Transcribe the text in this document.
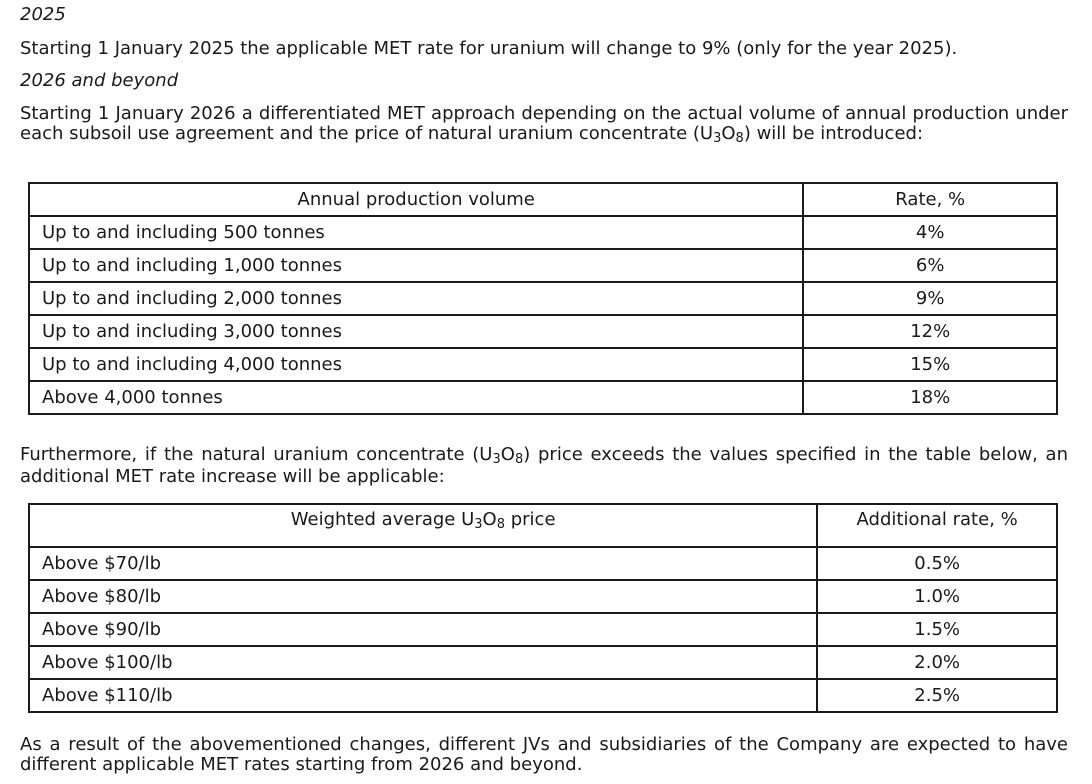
2025
Starting 1 January 2025 the applicable MET rate for uranium will change to 9% (only for the year 2025).
2026 and beyond
Starting 1 January 2026 a differentiated MET approach depending on the actual volume of annual production under each subsoil use agreement and the price of natural uranium concentrate $(U_3O_8)$ will be introduced:
Annual production volume	Rate, %
Up to and including 500 tonnes	4%
Up to and including 1,000 tonnes	6%
Up to and including 2,000 tonnes	9%
Up to and including 3,000 tonnes	12%
Up to and including 4,000 tonnes	15%
Above 4,000 tonnes	18%
Furthermore, if the natural uranium concentrate $(U_3O_8)$ price exceeds the values specified in the table below, an additional MET rate increase will be applicable:
Weighted average $U_3O_8$ price	Additional rate, %
Above $70/lb	0.5%
Above $80/lb	1.0%
Above $90/lb	1.5%
Above $100/lb	2.0%
Above $110/lb	2.5%
As a result of the abovementioned changes, different JVs and subsidiaries of the Company are expected to have different applicable MET rates starting from 2026 and beyond.
